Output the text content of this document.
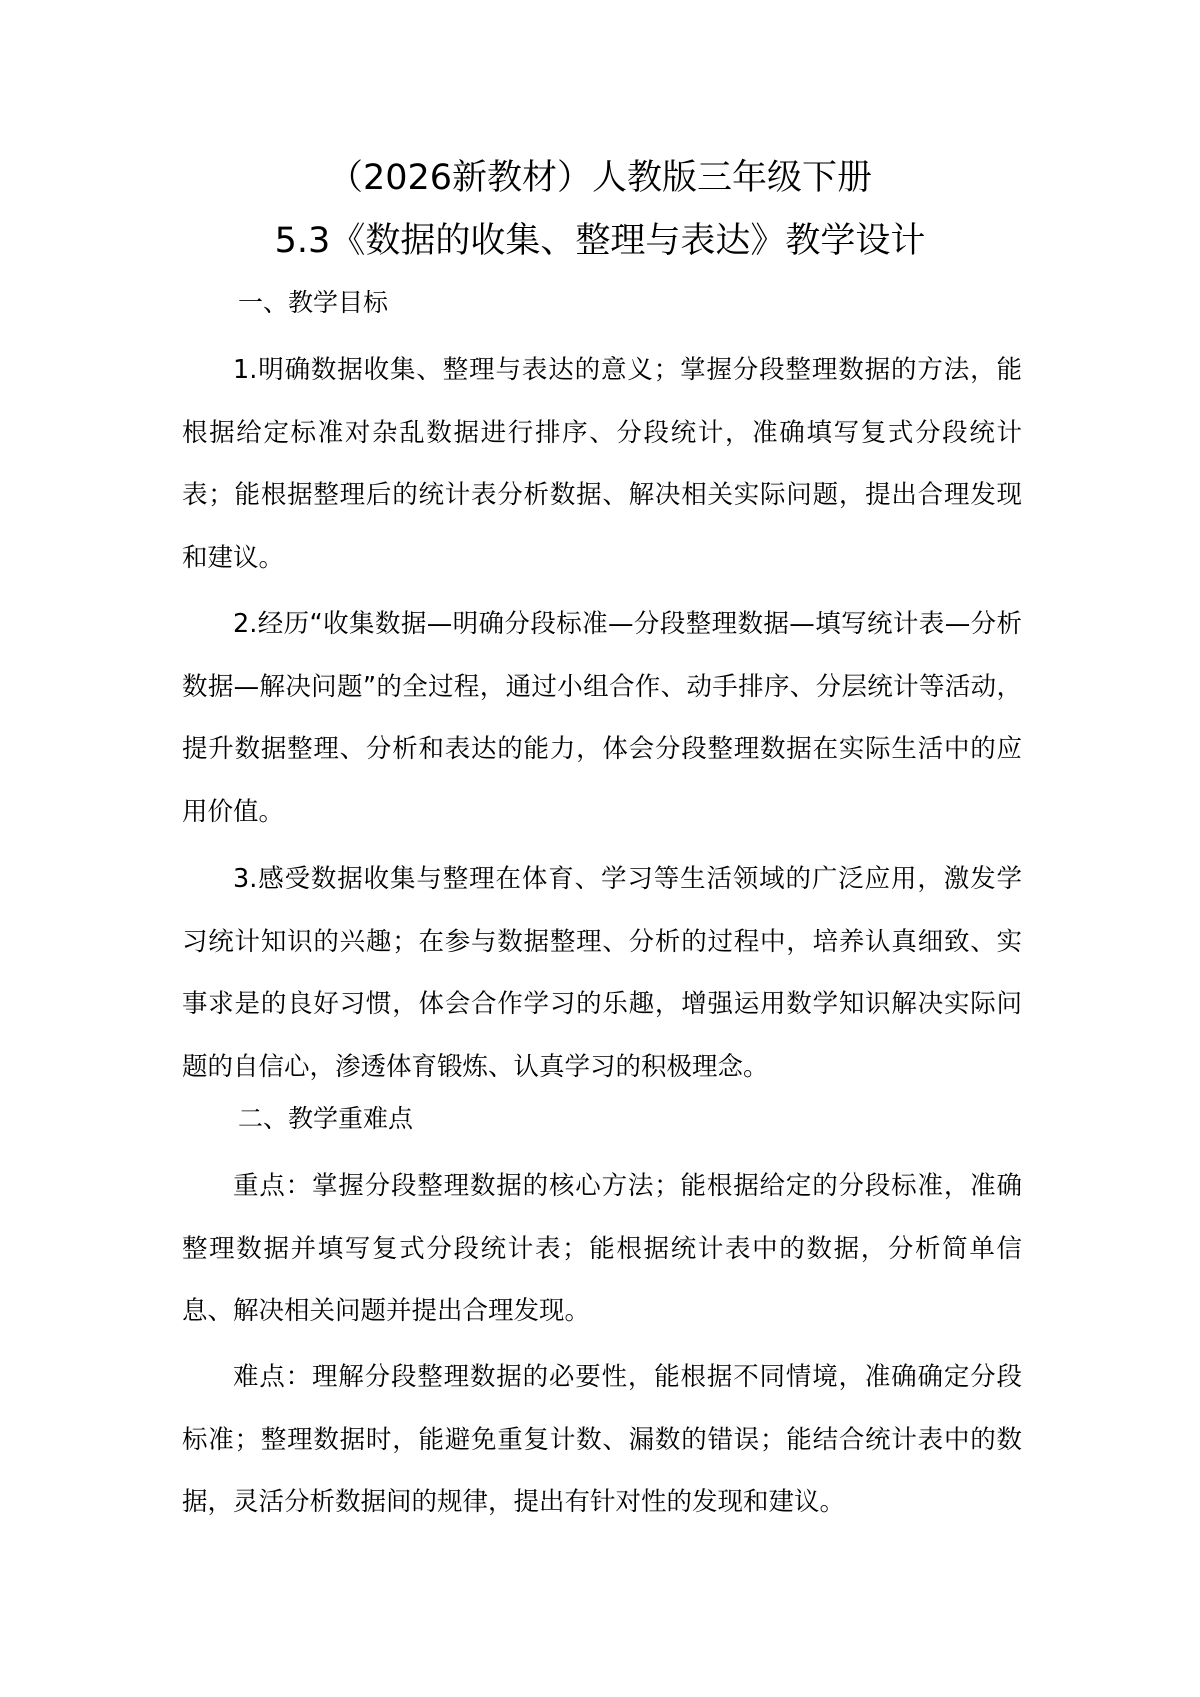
（2026新教材）人教版三年级下册
5.3《数据的收集、整理与表达》教学设计
一、教学目标

1.明确数据收集、整理与表达的意义；掌握分段整理数据的方法，能根据给定标准对杂乱数据进行排序、分段统计，准确填写复式分段统计表；能根据整理后的统计表分析数据、解决相关实际问题，提出合理发现和建议。

2.经历“收集数据—明确分段标准—分段整理数据—填写统计表—分析数据—解决问题”的全过程，通过小组合作、动手排序、分层统计等活动，提升数据整理、分析和表达的能力，体会分段整理数据在实际生活中的应用价值。

3.感受数据收集与整理在体育、学习等生活领域的广泛应用，激发学习统计知识的兴趣；在参与数据整理、分析的过程中，培养认真细致、实事求是的良好习惯，体会合作学习的乐趣，增强运用数学知识解决实际问题的自信心，渗透体育锻炼、认真学习的积极理念。

二、教学重难点

重点：掌握分段整理数据的核心方法；能根据给定的分段标准，准确整理数据并填写复式分段统计表；能根据统计表中的数据，分析简单信息、解决相关问题并提出合理发现。

难点：理解分段整理数据的必要性，能根据不同情境，准确确定分段标准；整理数据时，能避免重复计数、漏数的错误；能结合统计表中的数据，灵活分析数据间的规律，提出有针对性的发现和建议。
